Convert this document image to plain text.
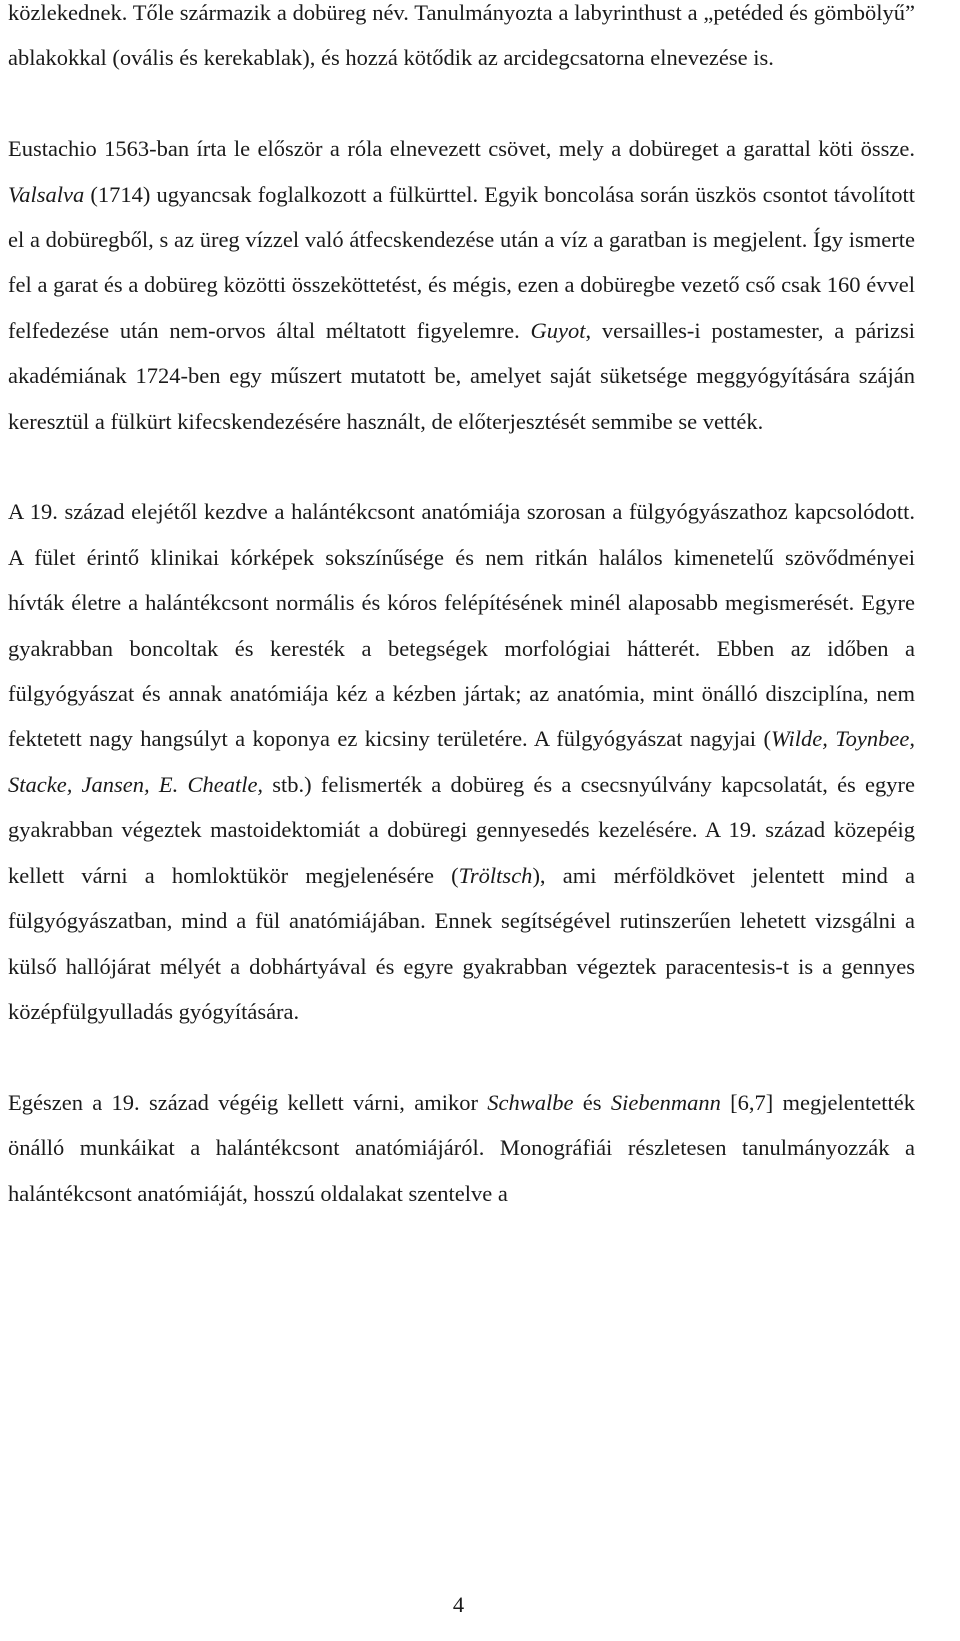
közlekednek. Tőle származik a dobüreg név. Tanulmányozta a labyrinthust a „petéded és gömbölyű” ablakokkal (ovális és kerekablak), és hozzá kötődik az arcidegcsatorna elnevezése is.

Eustachio 1563-ban írta le először a róla elnevezett csövet, mely a dobüreget a garattal köti össze. Valsalva (1714) ugyancsak foglalkozott a fülkürttel. Egyik boncolása során üszkös csontot távolított el a dobüregből, s az üreg vízzel való átfecskendezése után a víz a garatban is megjelent. Így ismerte fel a garat és a dobüreg közötti összeköttetést, és mégis, ezen a dobüregbe vezető cső csak 160 évvel felfedezése után nem-orvos által méltatott figyelemre. Guyot, versailles-i postamester, a párizsi akadémiának 1724-ben egy műszert mutatott be, amelyet saját süketsége meggyógyítására száján keresztül a fülkürt kifecskendezésére használt, de előterjesztését semmibe se vették.

A 19. század elejétől kezdve a halántékcsont anatómiája szorosan a fülgyógyászathoz kapcsolódott. A fület érintő klinikai kórképek sokszínűsége és nem ritkán halálos kimenetelű szövődményei hívták életre a halántékcsont normális és kóros felépítésének minél alaposabb megismerését. Egyre gyakrabban boncoltak és keresték a betegségek morfológiai hátterét. Ebben az időben a fülgyógyászat és annak anatómiája kéz a kézben jártak; az anatómia, mint önálló diszciplína, nem fektetett nagy hangsúlyt a koponya ez kicsiny területére. A fülgyógyászat nagyjai (Wilde, Toynbee, Stacke, Jansen, E. Cheatle, stb.) felismerték a dobüreg és a csecsnyúlvány kapcsolatát, és egyre gyakrabban végeztek mastoidektomiát a dobüregi gennyesedés kezelésére. A 19. század közepéig kellett várni a homloktükör megjelenésére (Tröltsch), ami mérföldkövet jelentett mind a fülgyógyászatban, mind a fül anatómiájában. Ennek segítségével rutinszerűen lehetett vizsgálni a külső hallójárat mélyét a dobhártyával és egyre gyakrabban végeztek paracentesis-t is a gennyes középfülgyulladás gyógyítására.

Egészen a 19. század végéig kellett várni, amikor Schwalbe és Siebenmann [6,7] megjelentették önálló munkáikat a halántékcsont anatómiájáról. Monográfiái részletesen tanulmányozzák a halántékcsont anatómiáját, hosszú oldalakat szentelve a

4
